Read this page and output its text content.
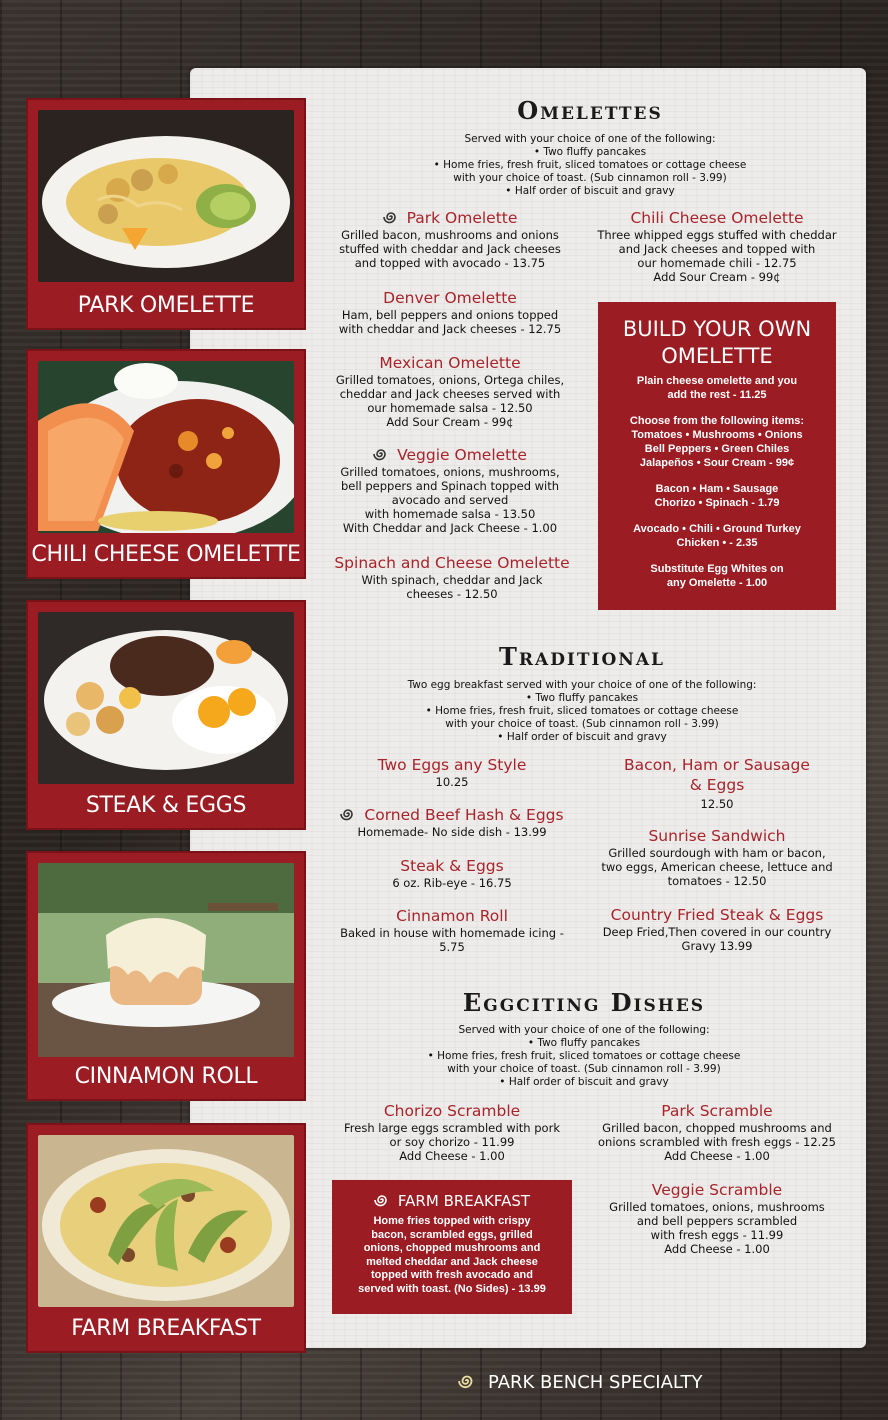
PARK OMELETTE
CHILI CHEESE OMELETTE
STEAK & EGGS
CINNAMON ROLL
FARM BREAKFAST
Omelettes
Served with your choice of one of the following:
• Two fluffy pancakes
• Home fries, fresh fruit, sliced tomatoes or cottage cheese
with your choice of toast. (Sub cinnamon roll - 3.99)
• Half order of biscuit and gravy
Park Omelette
Grilled bacon, mushrooms and onions
stuffed with cheddar and Jack cheeses
and topped with avocado - 13.75
Denver Omelette
Ham, bell peppers and onions topped
with cheddar and Jack cheeses - 12.75
Mexican Omelette
Grilled tomatoes, onions, Ortega chiles,
cheddar and Jack cheeses served with
our homemade salsa - 12.50
Add Sour Cream - 99¢
Veggie Omelette
Grilled tomatoes, onions, mushrooms,
bell peppers and Spinach topped with
avocado and served
with homemade salsa - 13.50
With Cheddar and Jack Cheese - 1.00
Spinach and Cheese Omelette
With spinach, cheddar and Jack
cheeses - 12.50
Chili Cheese Omelette
Three whipped eggs stuffed with cheddar
and Jack cheeses and topped with
our homemade chili - 12.75
Add Sour Cream - 99¢
BUILD YOUR OWN
OMELETTE

Plain cheese omelette and you
add the rest - 11.25

Choose from the following items:
Tomatoes • Mushrooms • Onions
Bell Peppers • Green Chiles
Jalapeños • Sour Cream - 99¢

Bacon • Ham • Sausage
Chorizo • Spinach - 1.79

Avocado • Chili • Ground Turkey
Chicken • - 2.35

Substitute Egg Whites on
any Omelette - 1.00

Traditional
Two egg breakfast served with your choice of one of the following:
• Two fluffy pancakes
• Home fries, fresh fruit, sliced tomatoes or cottage cheese
with your choice of toast. (Sub cinnamon roll - 3.99)
• Half order of biscuit and gravy
Two Eggs any Style
10.25
Corned Beef Hash & Eggs
Homemade- No side dish - 13.99
Steak & Eggs
6 oz. Rib-eye - 16.75
Cinnamon Roll
Baked in house with homemade icing -
5.75
Bacon, Ham or Sausage
& Eggs
12.50
Sunrise Sandwich
Grilled sourdough with ham or bacon,
two eggs, American cheese, lettuce and
tomatoes - 12.50
Country Fried Steak & Eggs
Deep Fried,Then covered in our country
Gravy 13.99
Eggciting Dishes
Served with your choice of one of the following:
• Two fluffy pancakes
• Home fries, fresh fruit, sliced tomatoes or cottage cheese
with your choice of toast. (Sub cinnamon roll - 3.99)
• Half order of biscuit and gravy
Chorizo Scramble
Fresh large eggs scrambled with pork
or soy chorizo - 11.99
Add Cheese - 1.00
Park Scramble
Grilled bacon, chopped mushrooms and
onions scrambled with fresh eggs - 12.25
Add Cheese - 1.00
Veggie Scramble
Grilled tomatoes, onions, mushrooms
and bell peppers scrambled
with fresh eggs - 11.99
Add Cheese - 1.00
FARM BREAKFAST

Home fries topped with crispy
bacon, scrambled eggs, grilled
onions, chopped mushrooms and
melted cheddar and Jack cheese
topped with fresh avocado and
served with toast. (No Sides) - 13.99

PARK BENCH SPECIALTY
